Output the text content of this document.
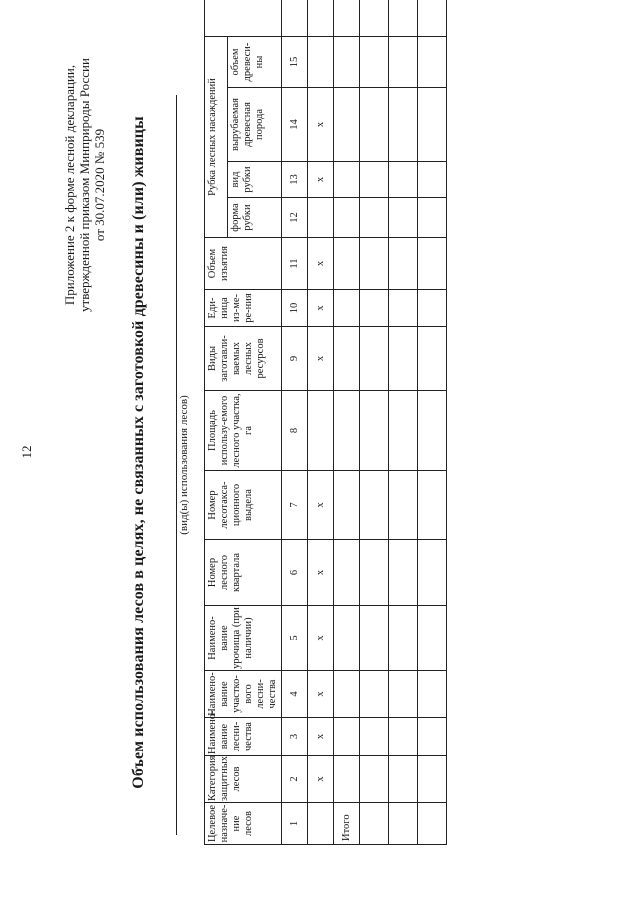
12
Приложение 2 к форме лесной декларации, утвержденной приказом Минприроды России от 30.07.2020 № 539 Объем использования лесов в целях, не связанных с заготовкой древесины и (или) живицы	(вид(ы) использования лесов)
Целевое назначе-ние лесов	Категория защитных лесов	Наимено-вание лесни-чества	Наимено-вание участко-вого лесни-чества	Наимено-вание урочища (при наличии)	Номер лесного квартала	Номер лесотакса-ционного выдела	Площадь использу-емого лесного участка, га	Виды заготавли-ваемых лесных ресурсов	Еди-ница из-ме-ре-ния	Объем изъятия	Рубка лесных насаждений				
											форма рубки	вид рубки	вырубаемая древесная порода	объем древеси-ны	
1	2	3	4	5	6	7	8	9	10	11	12	13	14	15	
	х	х	х	х	х	х		х	х	х		х	х		
Итого															
